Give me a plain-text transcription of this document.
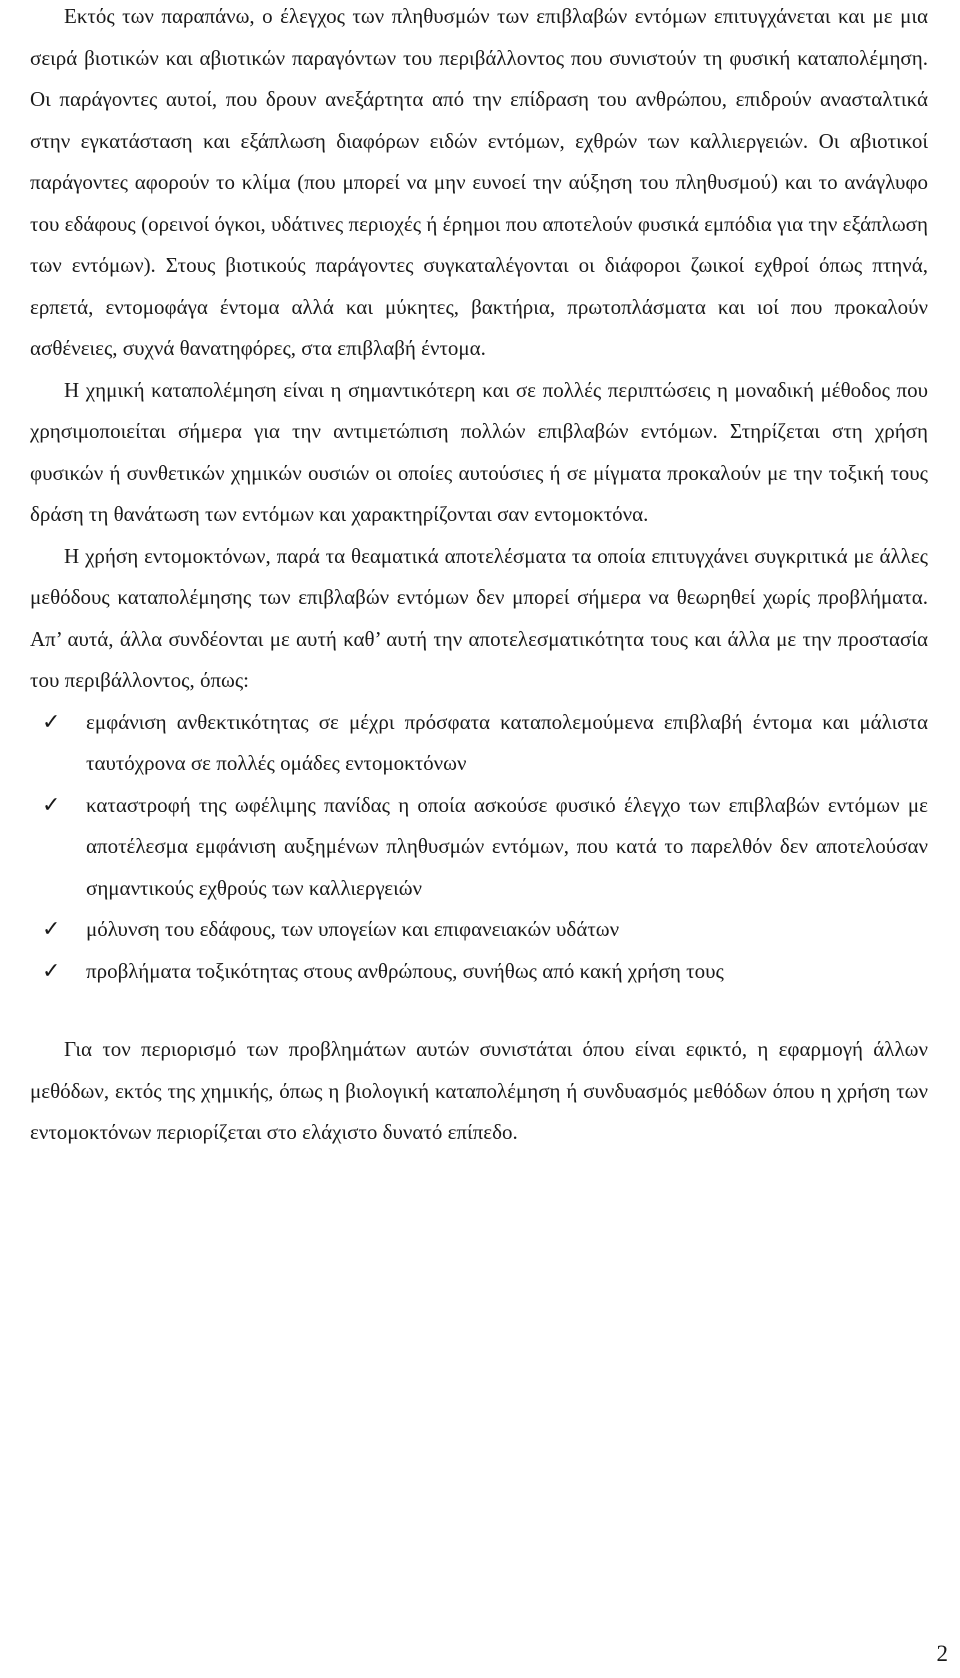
Εκτός των παραπάνω, ο έλεγχος των πληθυσμών των επιβλαβών εντόμων επιτυγχάνεται και με μια σειρά βιοτικών και αβιοτικών παραγόντων του περιβάλλοντος που συνιστούν τη φυσική καταπολέμηση. Οι παράγοντες αυτοί, που δρουν ανεξάρτητα από την επίδραση του ανθρώπου, επιδρούν ανασταλτικά στην εγκατάσταση και εξάπλωση διαφόρων ειδών εντόμων, εχθρών των καλλιεργειών. Οι αβιοτικοί παράγοντες αφορούν το κλίμα (που μπορεί να μην ευνοεί την αύξηση του πληθυσμού) και το ανάγλυφο του εδάφους (ορεινοί όγκοι, υδάτινες περιοχές ή έρημοι που αποτελούν φυσικά εμπόδια για την εξάπλωση των εντόμων). Στους βιοτικούς παράγοντες συγκαταλέγονται οι διάφοροι ζωικοί εχθροί όπως πτηνά, ερπετά, εντομοφάγα έντομα αλλά και μύκητες, βακτήρια, πρωτοπλάσματα και ιοί που προκαλούν ασθένειες, συχνά θανατηφόρες, στα επιβλαβή έντομα.

Η χημική καταπολέμηση είναι η σημαντικότερη και σε πολλές περιπτώσεις η μοναδική μέθοδος που χρησιμοποιείται σήμερα για την αντιμετώπιση πολλών επιβλαβών εντόμων. Στηρίζεται στη χρήση φυσικών ή συνθετικών χημικών ουσιών οι οποίες αυτούσιες ή σε μίγματα προκαλούν με την τοξική τους δράση τη θανάτωση των εντόμων και χαρακτηρίζονται σαν εντομοκτόνα.

Η χρήση εντομοκτόνων, παρά τα θεαματικά αποτελέσματα τα οποία επιτυγχάνει συγκριτικά με άλλες μεθόδους καταπολέμησης των επιβλαβών εντόμων δεν μπορεί σήμερα να θεωρηθεί χωρίς προβλήματα. Απ’ αυτά, άλλα συνδέονται με αυτή καθ’ αυτή την αποτελεσματικότητα τους και άλλα με την προστασία του περιβάλλοντος, όπως:

✓ εμφάνιση ανθεκτικότητας σε μέχρι πρόσφατα καταπολεμούμενα επιβλαβή έντομα και μάλιστα ταυτόχρονα σε πολλές ομάδες εντομοκτόνων
✓ καταστροφή της ωφέλιμης πανίδας η οποία ασκούσε φυσικό έλεγχο των επιβλαβών εντόμων με αποτέλεσμα εμφάνιση αυξημένων πληθυσμών εντόμων, που κατά το παρελθόν δεν αποτελούσαν σημαντικούς εχθρούς των καλλιεργειών
✓ μόλυνση του εδάφους, των υπογείων και επιφανειακών υδάτων
✓ προβλήματα τοξικότητας στους ανθρώπους, συνήθως από κακή χρήση τους

Για τον περιορισμό των προβλημάτων αυτών συνιστάται όπου είναι εφικτό, η εφαρμογή άλλων μεθόδων, εκτός της χημικής, όπως η βιολογική καταπολέμηση ή συνδυασμός μεθόδων όπου η χρήση των εντομοκτόνων περιορίζεται στο ελάχιστο δυνατό επίπεδο.

2
